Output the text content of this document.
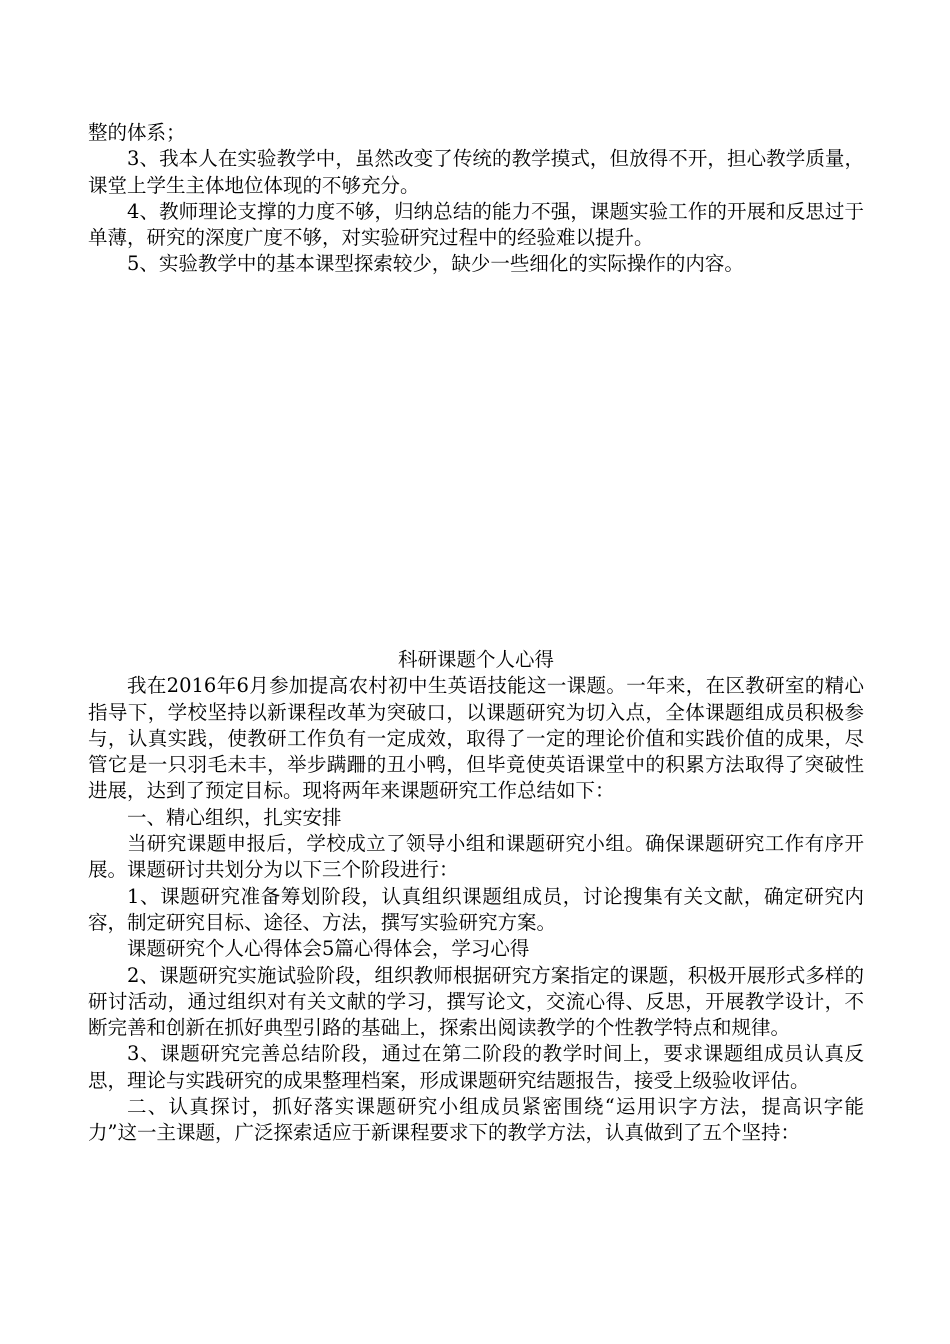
整的体系；

3、我本人在实验教学中，虽然改变了传统的教学摸式，但放得不开，担心教学质量，课堂上学生主体地位体现的不够充分。

4、教师理论支撑的力度不够，归纳总结的能力不强，课题实验工作的开展和反思过于单薄，研究的深度广度不够，对实验研究过程中的经验难以提升。

5、实验教学中的基本课型探索较少，缺少一些细化的实际操作的内容。

科研课题个人心得

我在2016年6月参加提高农村初中生英语技能这一课题。一年来，在区教研室的精心指导下，学校坚持以新课程改革为突破口，以课题研究为切入点，全体课题组成员积极参与，认真实践，使教研工作负有一定成效，取得了一定的理论价值和实践价值的成果，尽管它是一只羽毛未丰，举步蹒跚的丑小鸭，但毕竟使英语课堂中的积累方法取得了突破性进展，达到了预定目标。现将两年来课题研究工作总结如下：

一、精心组织，扎实安排

当研究课题申报后，学校成立了领导小组和课题研究小组。确保课题研究工作有序开展。课题研讨共划分为以下三个阶段进行：

1、课题研究准备筹划阶段，认真组织课题组成员，讨论搜集有关文献，确定研究内容，制定研究目标、途径、方法，撰写实验研究方案。

课题研究个人心得体会5篇心得体会，学习心得

2、课题研究实施试验阶段，组织教师根据研究方案指定的课题，积极开展形式多样的研讨活动，通过组织对有关文献的学习，撰写论文，交流心得、反思，开展教学设计，不断完善和创新在抓好典型引路的基础上，探索出阅读教学的个性教学特点和规律。

3、课题研究完善总结阶段，通过在第二阶段的教学时间上，要求课题组成员认真反思，理论与实践研究的成果整理档案，形成课题研究结题报告，接受上级验收评估。

二、认真探讨，抓好落实课题研究小组成员紧密围绕“运用识字方法，提高识字能力”这一主课题，广泛探索适应于新课程要求下的教学方法，认真做到了五个坚持：
